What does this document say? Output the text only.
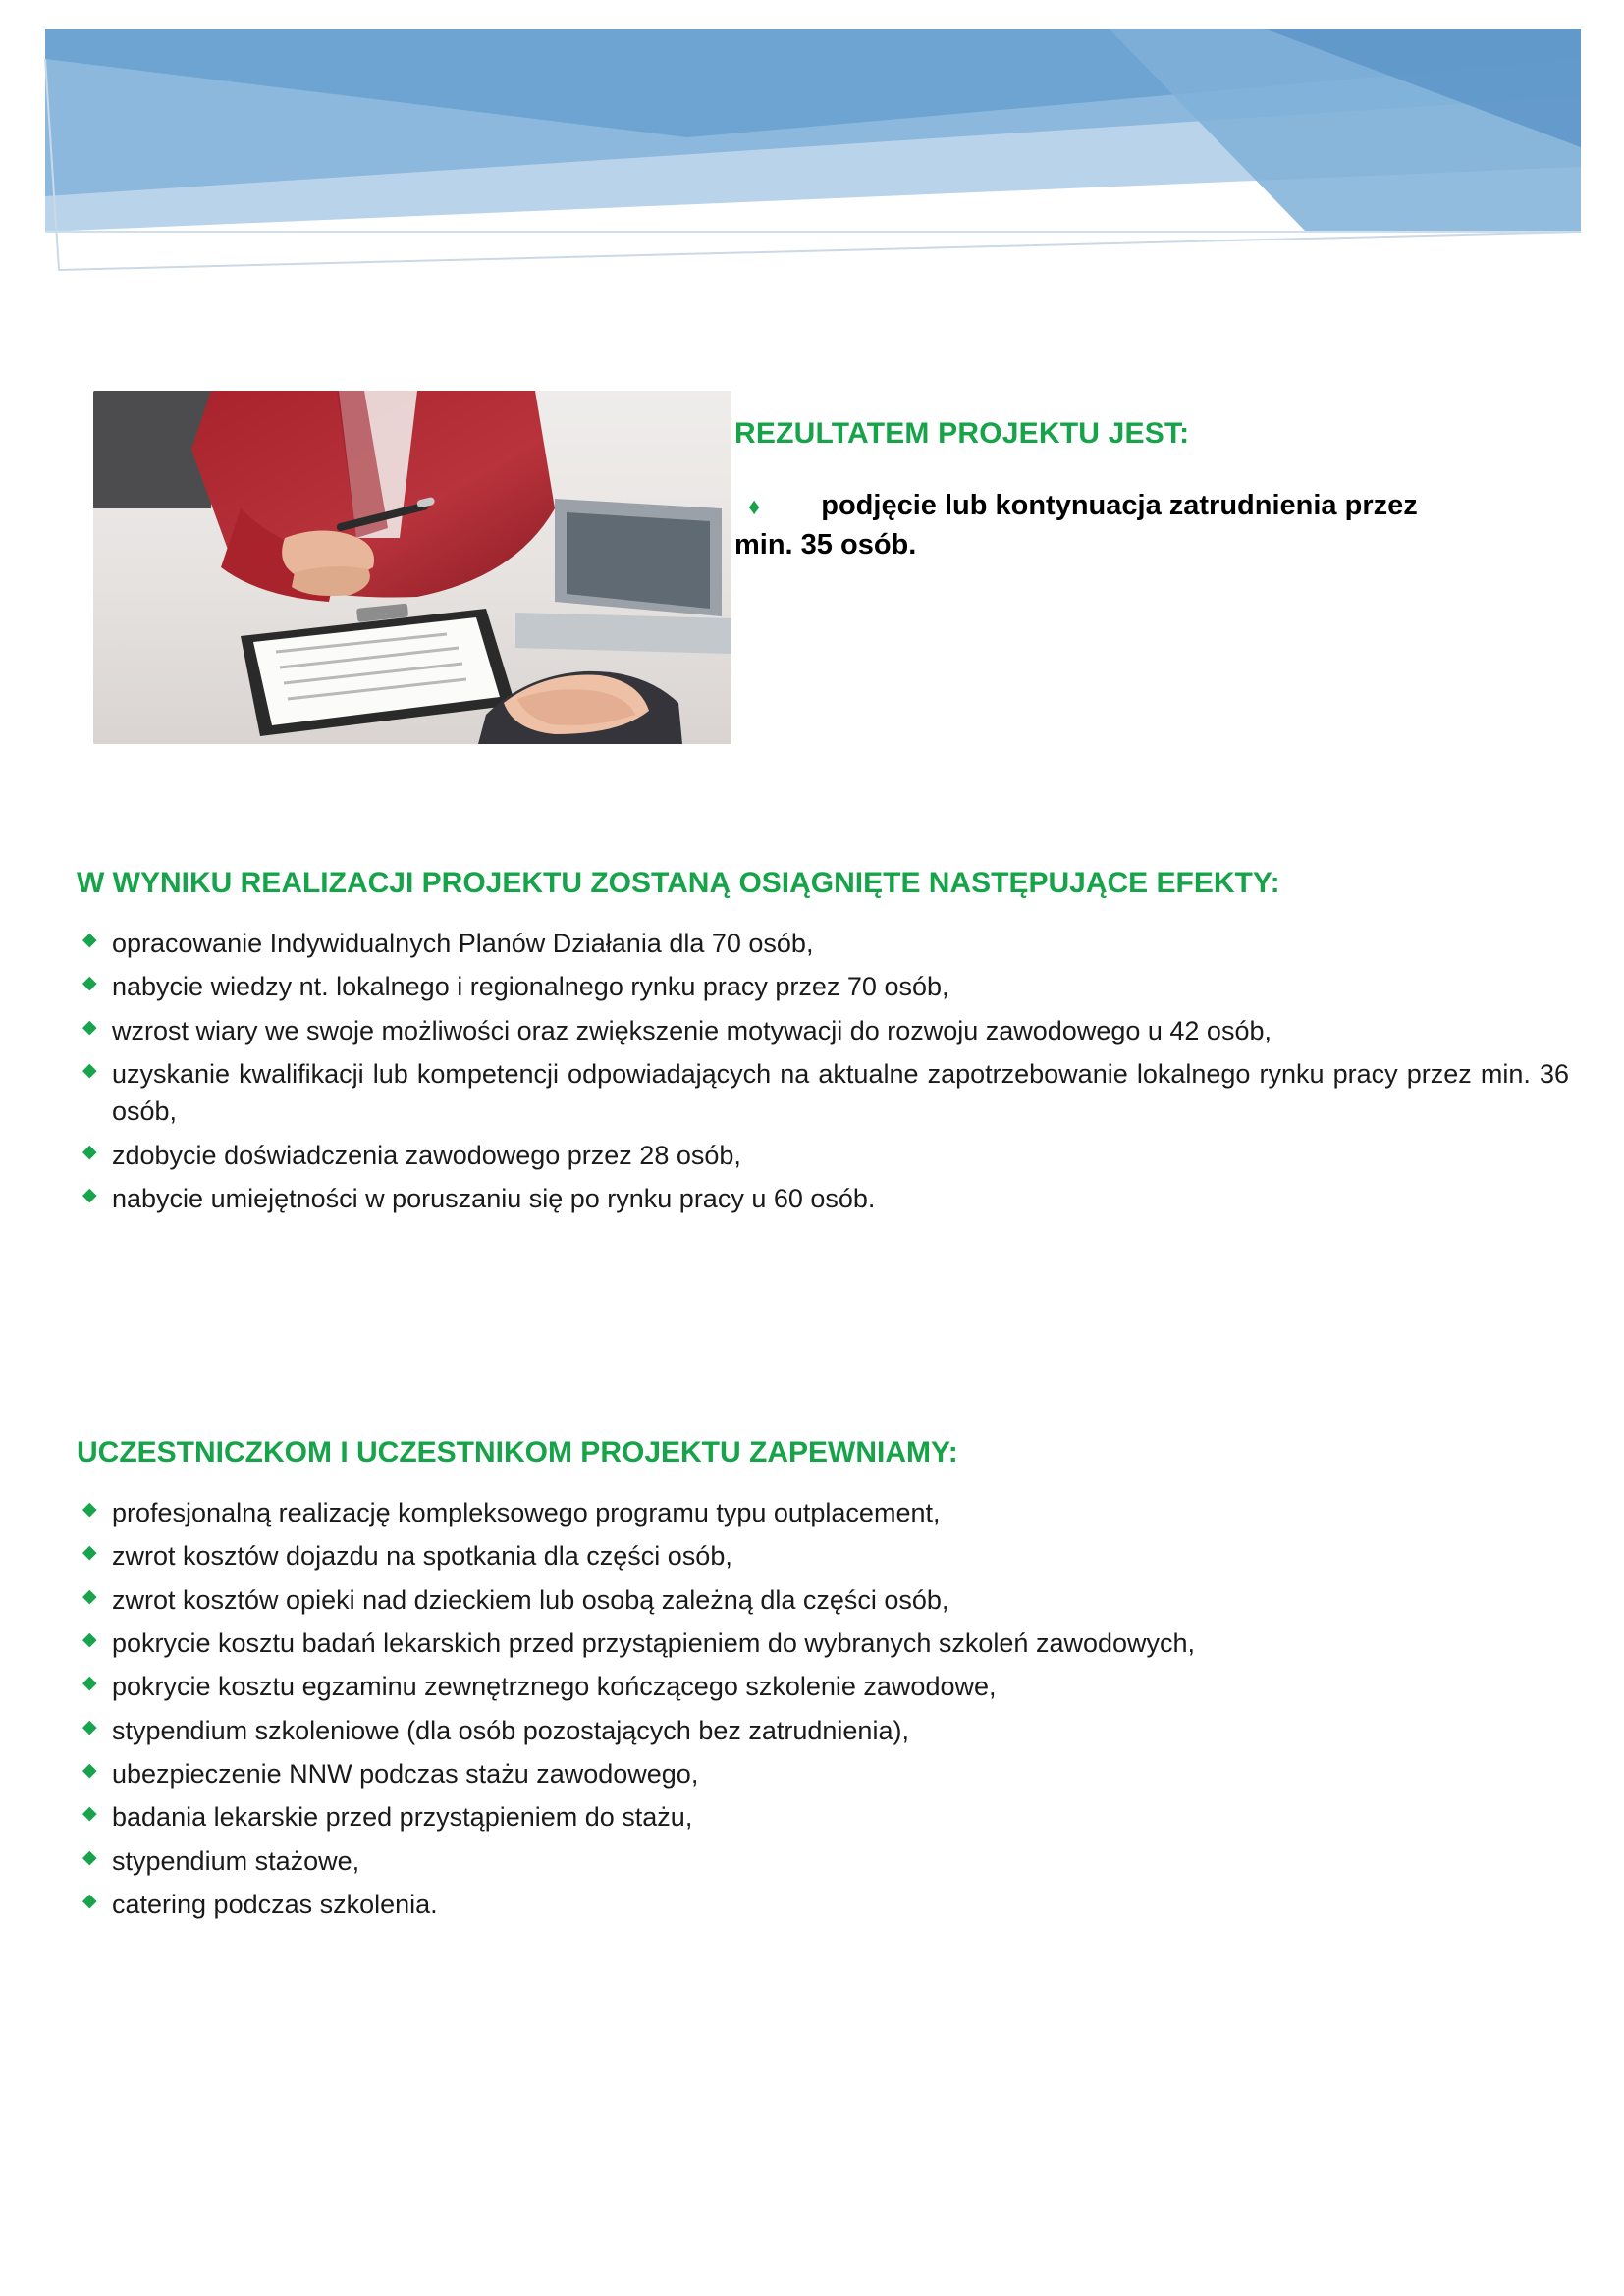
REZULTATEM PROJEKTU JEST:

♦ podjęcie lub kontynuacja zatrudnienia przez min. 35 osób.

W WYNIKU REALIZACJI PROJEKTU ZOSTANĄ OSIĄGNIĘTE NASTĘPUJĄCE EFEKTY:
◆ opracowanie Indywidualnych Planów Działania dla 70 osób,
◆ nabycie wiedzy nt. lokalnego i regionalnego rynku pracy przez 70 osób,
◆ wzrost wiary we swoje możliwości oraz zwiększenie motywacji do rozwoju zawodowego u 42 osób,
◆ uzyskanie kwalifikacji lub kompetencji odpowiadających na aktualne zapotrzebowanie lokalnego rynku pracy przez min. 36 osób,
◆ zdobycie doświadczenia zawodowego przez 28 osób,
◆ nabycie umiejętności w poruszaniu się po rynku pracy u 60 osób.
UCZESTNICZKOM I UCZESTNIKOM PROJEKTU ZAPEWNIAMY:
◆ profesjonalną realizację kompleksowego programu typu outplacement,
◆ zwrot kosztów dojazdu na spotkania dla części osób,
◆ zwrot kosztów opieki nad dzieckiem lub osobą zależną dla części osób,
◆ pokrycie kosztu badań lekarskich przed przystąpieniem do wybranych szkoleń zawodowych,
◆ pokrycie kosztu egzaminu zewnętrznego kończącego szkolenie zawodowe,
◆ stypendium szkoleniowe (dla osób pozostających bez zatrudnienia),
◆ ubezpieczenie NNW podczas stażu zawodowego,
◆ badania lekarskie przed przystąpieniem do stażu,
◆ stypendium stażowe,
◆ catering podczas szkolenia.
